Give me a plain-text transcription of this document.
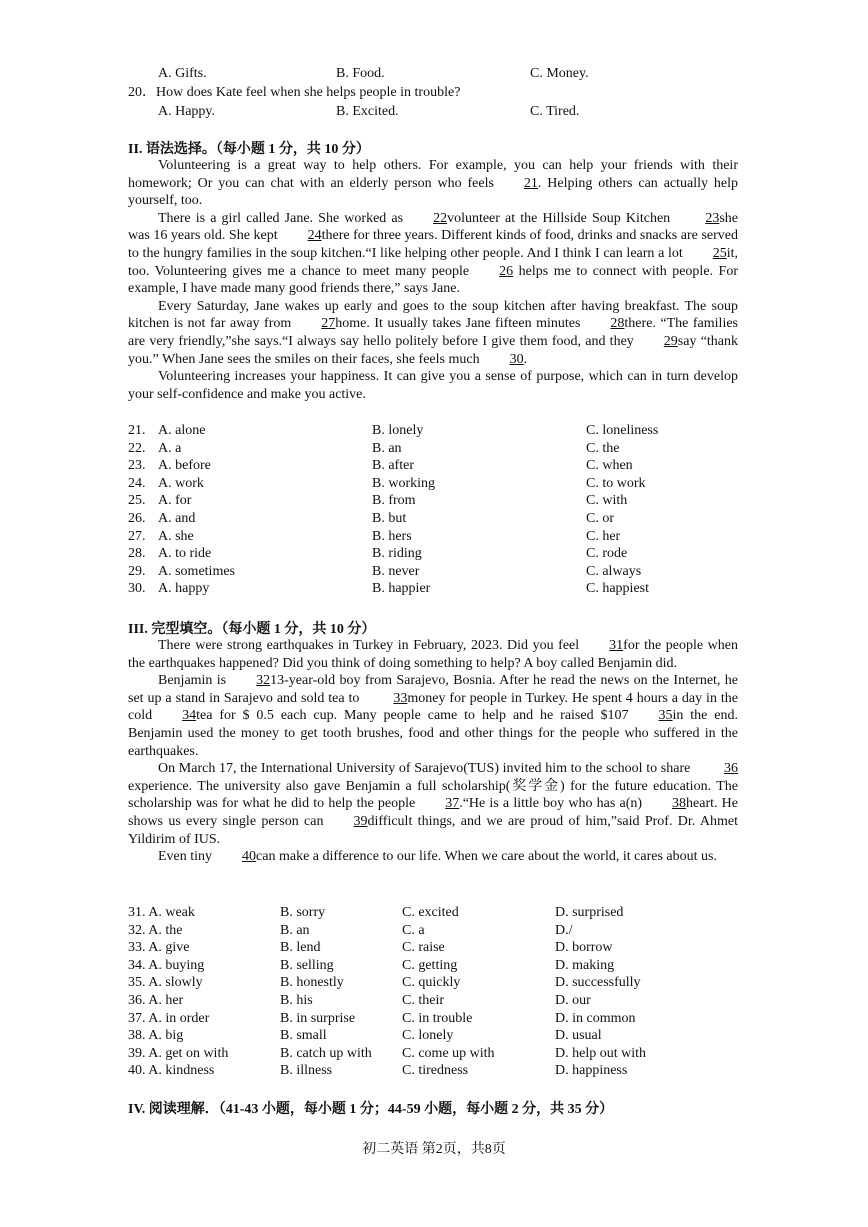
A. Gifts.	B. Food.	C. Money.
20．How does Kate feel when she helps people in trouble?
A. Happy.	B. Excited.	C. Tired.
II. 语法选择。（每小题 1 分，共 10 分）
Volunteering is a great way to help others. For example, you can help your friends with their homework; Or you can chat with an elderly person who feels 21. Helping others can actually help yourself, too.
There is a girl called Jane. She worked as 22volunteer at the Hillside Soup Kitchen	23she was 16 years old. She kept 24there for three years. Different kinds of food, drinks and snacks are served to the hungry families in the soup kitchen.“I like helping other people. And I think I can learn a lot 25it, too. Volunteering gives me a chance to meet many people 26 helps me to connect with people. For example, I have made many good friends there,” says Jane.
Every Saturday, Jane wakes up early and goes to the soup kitchen after having breakfast. The soup kitchen is not far away from 27home. It usually takes Jane fifteen minutes 28there. “The families are very friendly,”she says.“I always say hello politely before I give them food, and they 29say “thank you.” When Jane sees the smiles on their faces, she feels much 30.
Volunteering increases your happiness. It can give you a sense of purpose, which can in turn develop your self-confidence and make you active.
21. A. alone	B. lonely	C. loneliness
22. A. a	B. an	C. the
23. A. before	B. after	C. when
24. A. work	B. working	C. to work
25. A. for	B. from	C. with
26. A. and	B. but	C. or
27. A. she	B. hers	C. her
28. A. to ride	B. riding	C. rode
29. A. sometimes	B. never	C. always
30. A. happy	B. happier	C. happiest
III. 完型填空。（每小题 1 分，共 10 分）
There were strong earthquakes in Turkey in February, 2023. Did you feel 31for the people when the earthquakes happened? Did you think of doing something to help? A boy called Benjamin did.
Benjamin is 3213-year-old boy from Sarajevo, Bosnia. After he read the news on the Internet, he set up a stand in Sarajevo and sold tea to 33money for people in Turkey. He spent 4 hours a day in the cold 34tea for $ 0.5 each cup. Many people came to help and he raised $107 35in the end. Benjamin used the money to get tooth brushes, food and other things for the people who suffered in the earthquakes.
On March 17, the International University of Sarajevo(TUS) invited him to the school to share 36experience. The university also gave Benjamin a full scholarship(奖学金) for the future education. The scholarship was for what he did to help the people 37.“He is a little boy who has a(n) 38heart. He shows us every single person can 39difficult things, and we are proud of him,”said Prof. Dr. Ahmet Yildirim of IUS.
Even tiny 40can make a difference to our life. When we care about the world, it cares about us.
31. A. weak	B. sorry	C. excited	D. surprised
32. A. the	B. an	C. a	D./
33. A. give	B. lend	C. raise	D. borrow
34. A. buying	B. selling	C. getting	D. making
35. A. slowly	B. honestly	C. quickly	D. successfully
36. A. her	B. his	C. their	D. our
37. A. in order	B. in surprise	C. in trouble	D. in common
38. A. big	B. small	C. lonely	D. usual
39. A. get on with	B. catch up with C. come up with	D. help out with
40. A. kindness	B. illness	C. tiredness	D. happiness
IV. 阅读理解．（41-43 小题，每小题 1 分；44-59 小题，每小题 2 分，共 35 分）
初二英语 第2页，共8页
